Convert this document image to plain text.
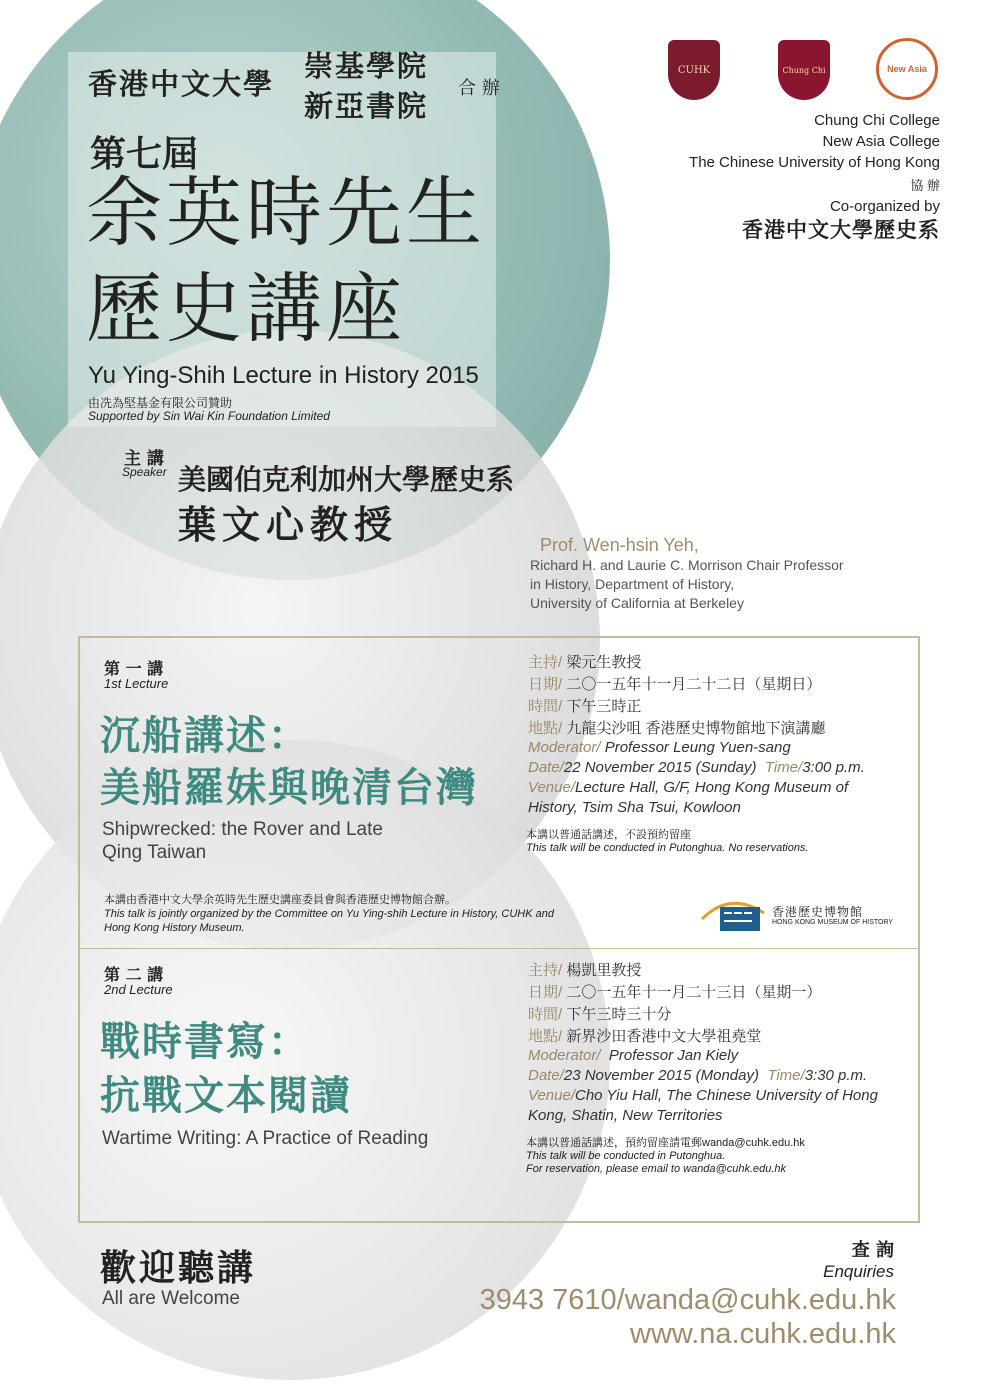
香港中文大學
崇基學院
新亞書院
合 辦
第七屆
余英時先生
歷史講座
Yu Ying-Shih Lecture in History 2015
由冼為堅基金有限公司贊助
Supported by Sin Wai Kin Foundation Limited
CUHK	Chung Chi	New Asia
Chung Chi College
New Asia College
The Chinese University of Hong Kong
協 辦
Co-organized by
香港中文大學歷史系
主 講
Speaker 美國伯克利加州大學歷史系
葉文心教授	Prof. Wen-hsin Yeh,
Richard H. and Laurie C. Morrison Chair Professor
in History, Department of History,
University of California at Berkeley
第 一 講
1st Lecture
沉船講述：
美船羅妹與晚清台灣
Shipwrecked: the Rover and Late
Qing Taiwan
主持/ 梁元生教授
日期/ 二〇一五年十一月二十二日（星期日）
時間/ 下午三時正
地點/ 九龍尖沙咀 香港歷史博物館地下演講廳
Moderator/ Professor Leung Yuen-sang
Date/22 November 2015 (Sunday) Time/3:00 p.m.
Venue/Lecture Hall, G/F, Hong Kong Museum of
History, Tsim Sha Tsui, Kowloon
本講以普通話講述，不設預約留座
This talk will be conducted in Putonghua. No reservations.
本講由香港中文大學余英時先生歷史講座委員會與香港歷史博物館合辦。
This talk is jointly organized by the Committee on Yu Ying-shih Lecture in History, CUHK and
Hong Kong History Museum.
香港歷史博物館
HONG KONG MUSEUM OF HISTORY
第 二 講
2nd Lecture
戰時書寫：
抗戰文本閱讀
Wartime Writing: A Practice of Reading
主持/ 楊凱里教授
日期/ 二〇一五年十一月二十三日（星期一）
時間/ 下午三時三十分
地點/ 新界沙田香港中文大學祖堯堂
Moderator/ Professor Jan Kiely
Date/23 November 2015 (Monday) Time/3:30 p.m.
Venue/Cho Yiu Hall, The Chinese University of Hong
Kong, Shatin, New Territories
本講以普通話講述，預約留座請電郵wanda@cuhk.edu.hk
This talk will be conducted in Putonghua.
For reservation, please email to wanda@cuhk.edu.hk
歡迎聽講
All are Welcome
查 詢
Enquiries
3943 7610/wanda@cuhk.edu.hk
www.na.cuhk.edu.hk
